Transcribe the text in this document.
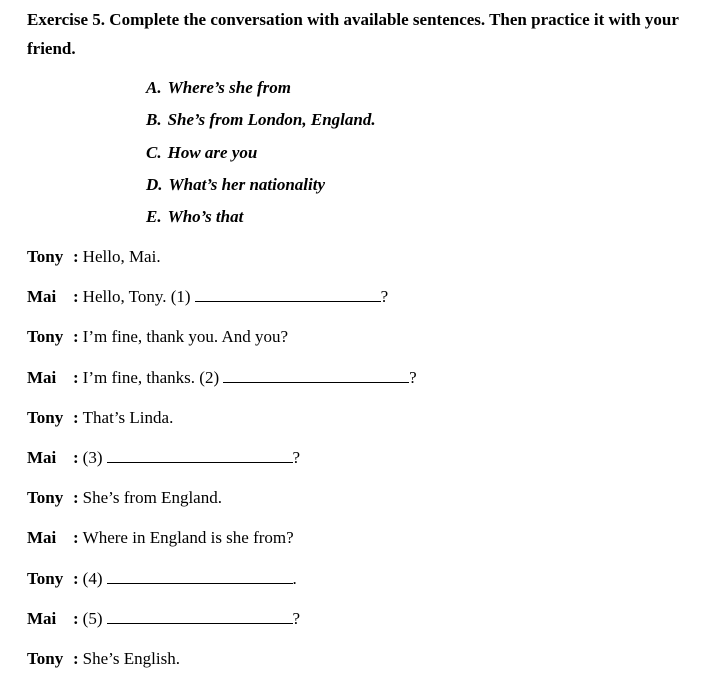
Exercise 5. Complete the conversation with available sentences. Then practice it with your friend.

A. Where’s she from
B. She’s from London, England.
C. How are you
D. What’s her nationality
E. Who’s that
Tony : Hello, Mai.
Mai : Hello, Tony. (1)	?
Tony : I’m fine, thank you. And you?
Mai : I’m fine, thanks. (2)	?
Tony : That’s Linda.
Mai : (3)	?
Tony : She’s from England.
Mai : Where in England is she from?
Tony : (4)	.
Mai : (5)	?
Tony : She’s English.
